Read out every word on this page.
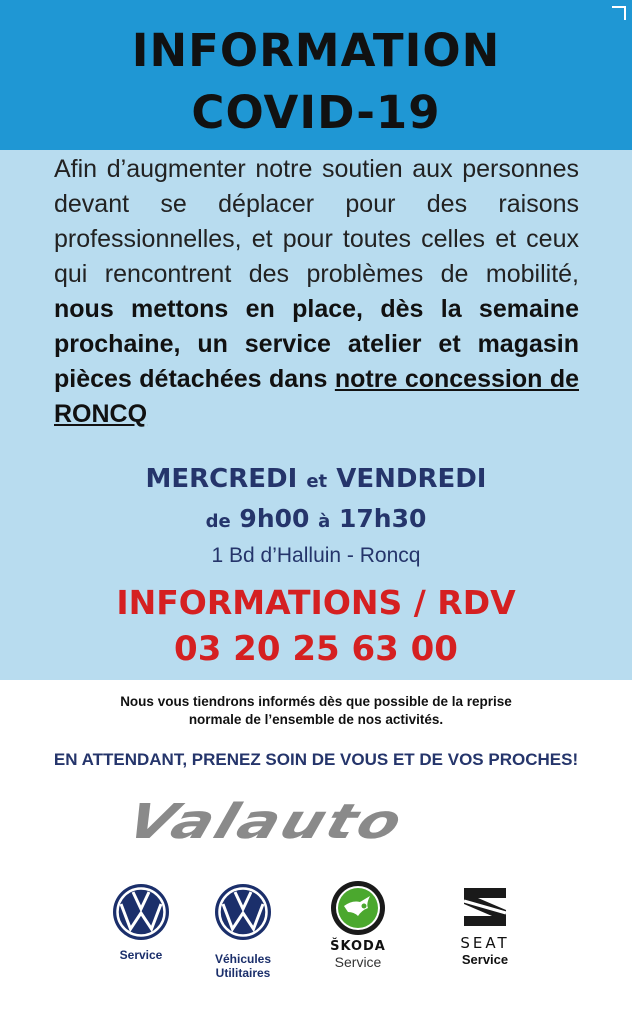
INFORMATION
COVID-19
Afin d’augmenter notre soutien aux personnes devant se déplacer pour des raisons professionnelles, et pour toutes celles et ceux qui rencontrent des problèmes de mobilité, nous mettons en place, dès la semaine prochaine, un service atelier et magasin pièces détachées dans notre concession de RONCQ
MERCREDI et VENDREDI
de 9h00 à 17h30
1 Bd d’Halluin - Roncq
INFORMATIONS / RDV
03 20 25 63 00
Nous vous tiendrons informés dès que possible de la reprise
normale de l’ensemble de nos activités.
EN ATTENDANT, PRENEZ SOIN DE VOUS ET DE VOS PROCHES!
Valauto
Service	Véhicules
Utilitaires
ŠKODA
Service
SEAT
Service
